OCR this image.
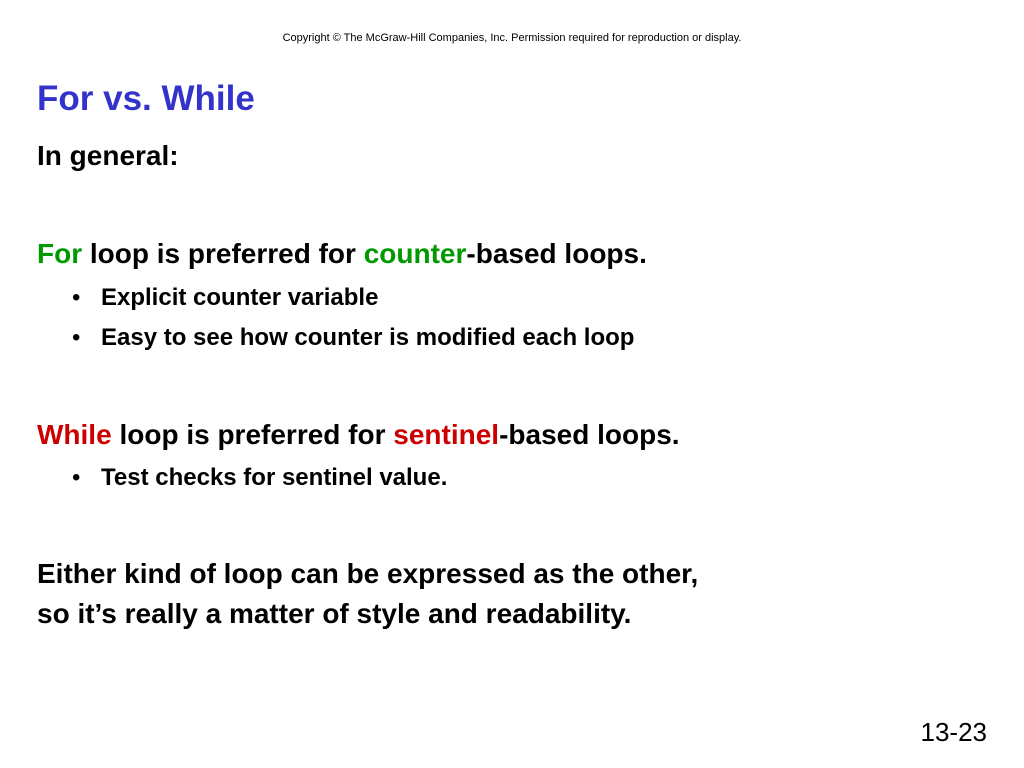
Copyright © The McGraw-Hill Companies, Inc. Permission required for reproduction or display.
For vs. While

In general:

For loop is preferred for counter-based loops.

• Explicit counter variable

• Easy to see how counter is modified each loop

While loop is preferred for sentinel-based loops.

• Test checks for sentinel value.

Either kind of loop can be expressed as the other,

so it’s really a matter of style and readability.

13-23
